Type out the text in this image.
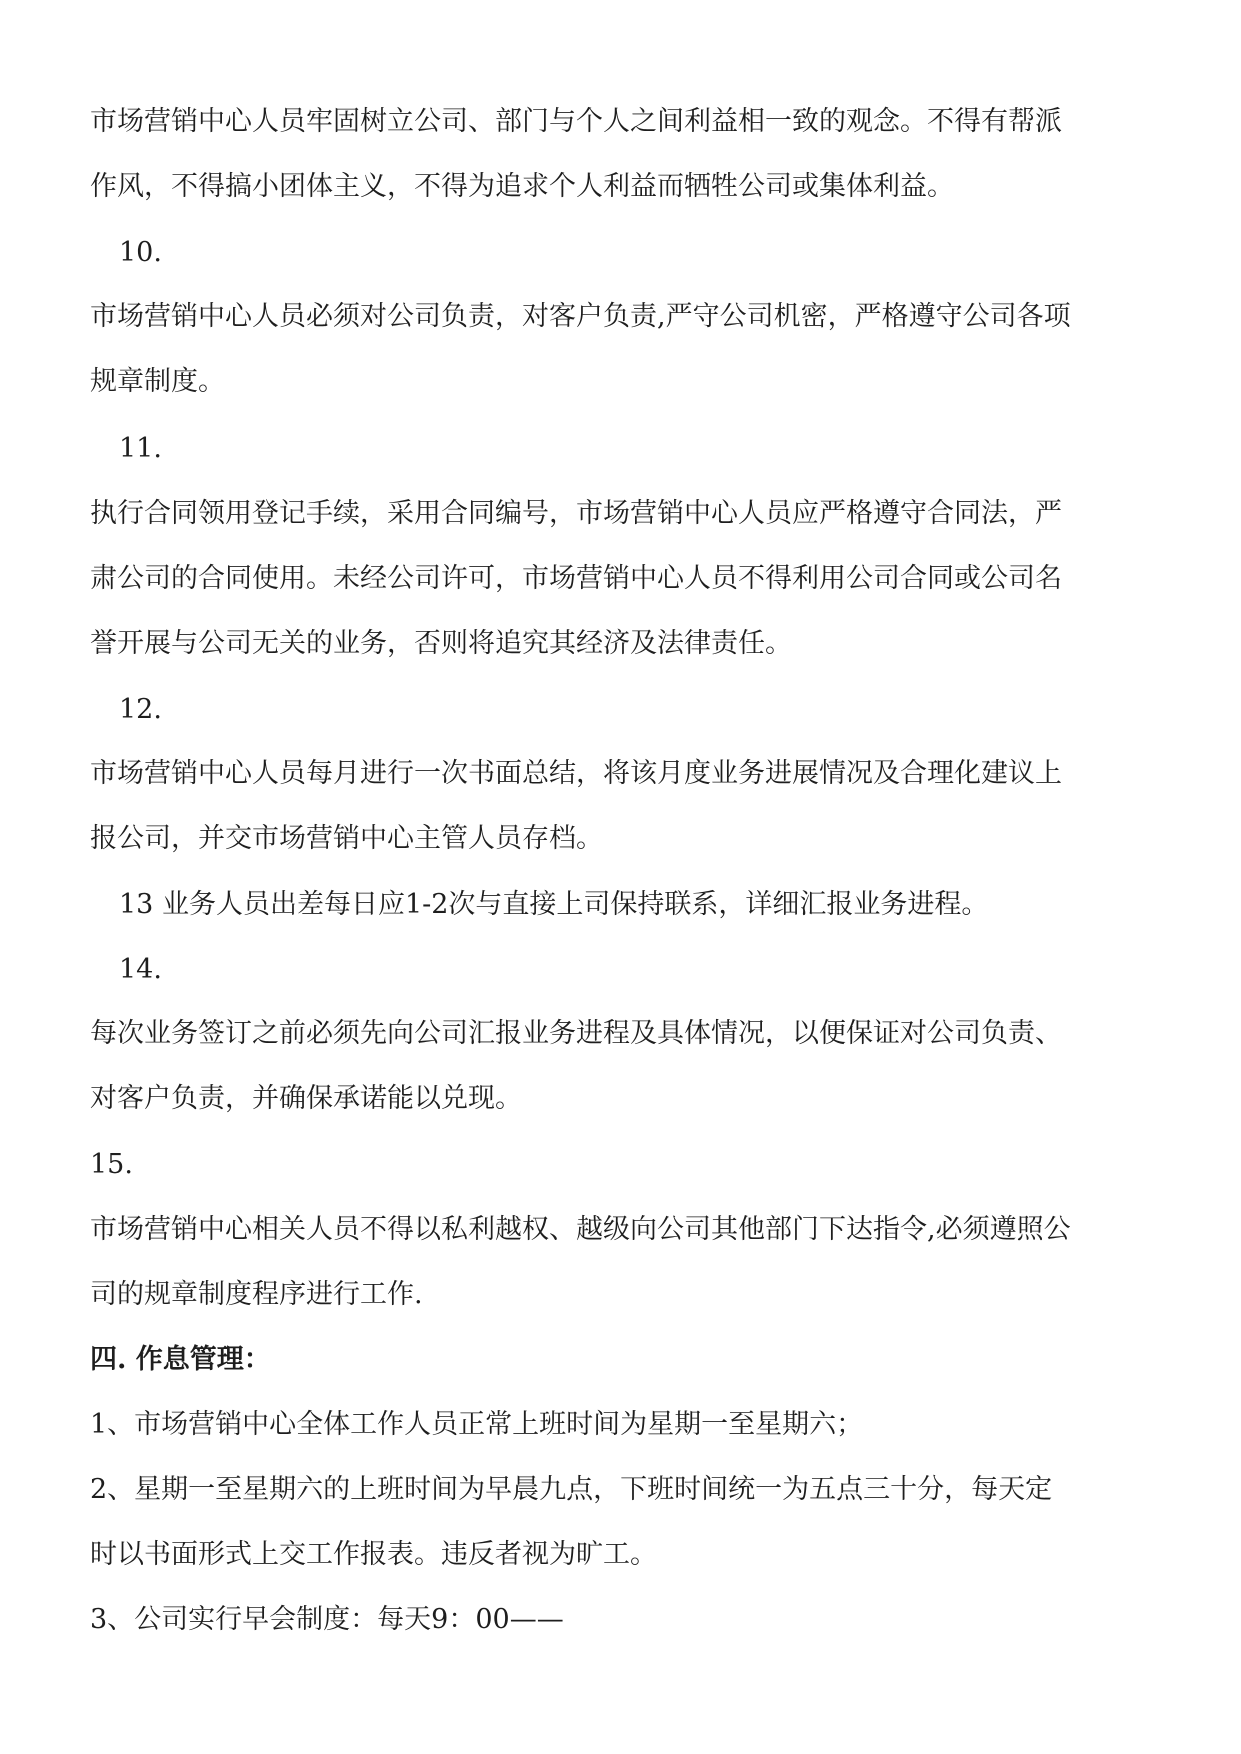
市场营销中心人员牢固树立公司、部门与个人之间利益相一致的观念。不得有帮派

作风，不得搞小团体主义，不得为追求个人利益而牺牲公司或集体利益。

10.

市场营销中心人员必须对公司负责，对客户负责,严守公司机密，严格遵守公司各项

规章制度。

11.

执行合同领用登记手续，采用合同编号，市场营销中心人员应严格遵守合同法，严

肃公司的合同使用。未经公司许可，市场营销中心人员不得利用公司合同或公司名

誉开展与公司无关的业务，否则将追究其经济及法律责任。

12.

市场营销中心人员每月进行一次书面总结，将该月度业务进展情况及合理化建议上

报公司，并交市场营销中心主管人员存档。

13 业务人员出差每日应1-2次与直接上司保持联系，详细汇报业务进程。

14.

每次业务签订之前必须先向公司汇报业务进程及具体情况，以便保证对公司负责、

对客户负责，并确保承诺能以兑现。

15.

市场营销中心相关人员不得以私利越权、越级向公司其他部门下达指令,必须遵照公

司的规章制度程序进行工作.

四. 作息管理：

1、市场营销中心全体工作人员正常上班时间为星期一至星期六；

2、星期一至星期六的上班时间为早晨九点，下班时间统一为五点三十分，每天定

时以书面形式上交工作报表。违反者视为旷工。

3、公司实行早会制度：每天9：00——
